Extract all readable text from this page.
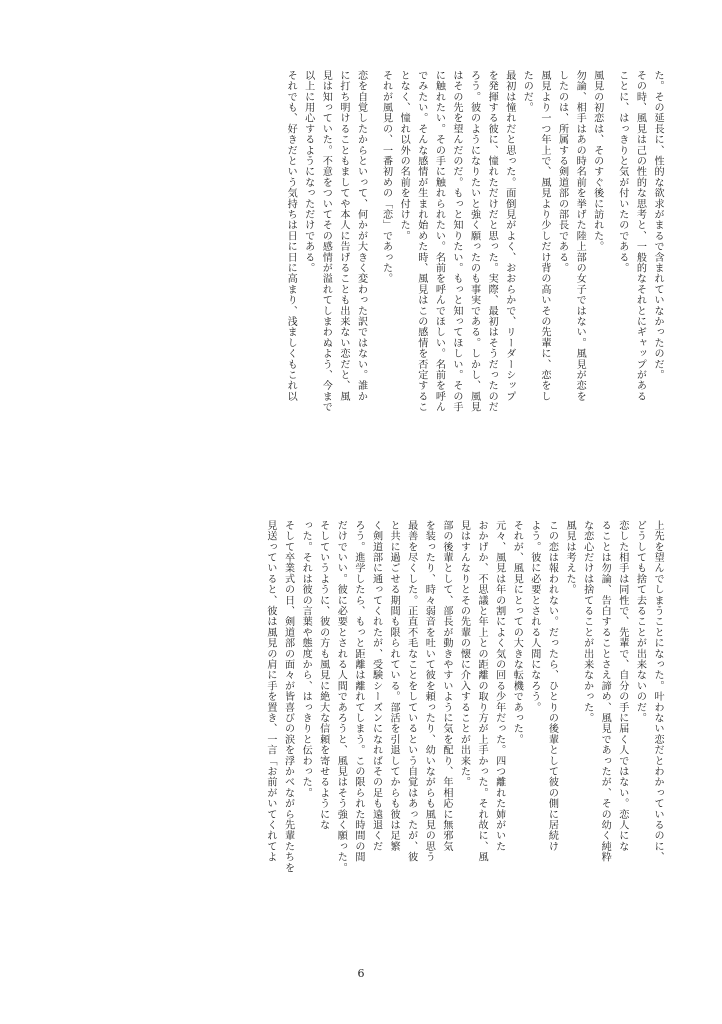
た。その延長に、性的な欲求がまるで含まれていなかったのだ。
その時、風見は己の性的な思考と、一般的なそれとにギャップがある
ことに、はっきりと気が付いたのである。
風見の初恋は、そのすぐ後に訪れた。
勿論、相手はあの時名前を挙げた陸上部の女子ではない。風見が恋を
したのは、所属する剣道部の部長である。
風見より一つ年上で、風見より少しだけ背の高いその先輩に、恋をし
たのだ。
最初は憧れだと思った。面倒見がよく、おおらかで、リーダーシップ
を発揮する彼に、憧れただけだと思った。実際、最初はそうだったのだ
ろう。彼のようになりたいと強く願ったのも事実である。しかし、風見
はその先を望んだのだ。もっと知りたい。もっと知ってほしい。その手
に触れたい。その手に触れられたい。名前を呼んでほしい。名前を呼ん
でみたい。そんな感情が生まれ始めた時、風見はこの感情を否定するこ
となく、憧れ以外の名前を付けた。
それが風見の、一番初めの「恋」であった。
恋を自覚したからといって、何かが大きく変わった訳ではない。誰か
に打ち明けることもましてや本人に告げることも出来ない恋だと、風
見は知っていた。不意をついてその感情が溢れてしまわぬよう、今まで
以上に用心するようになっただけである。
それでも、好きだという気持ちは日に日に高まり、浅ましくもこれ以
上先を望んでしまうことになった。叶わない恋だとわかっているのに、
どうしても捨て去ることが出来ないのだ。
恋した相手は同性で、先輩で、自分の手に届く人ではない。恋人にな
ることは勿論、告白することさえ諦め、風見であったが、その幼く純粋
な恋心だけは捨てることが出来なかった。
風見は考えた。
この恋は報われない。だったら、ひとりの後輩として彼の側に居続け
よう。彼に必要とされる人間になろう。
それが、風見にとっての大きな転機であった。
元々、風見は年の割によく気の回る少年だった。四つ離れた姉がいた
おかげか、不思議と年上との距離の取り方が上手かった。それ故に、風
見はすんなりとその先輩の懐に介入することが出来た。
部の後輩として、部長が動きやすいように気を配り、年相応に無邪気
を装ったり、時々弱音を吐いて彼を頼ったり、幼いながらも風見の思う
最善を尽くした。正直不毛なことをしているという自覚はあったが、彼
と共に過ごせる期間も限られている。部活を引退してからも彼は足繁
く剣道部に通ってくれたが、受験シーズンになればその足も遠退くだ
ろう。進学したら、もっと距離は離れてしまう。この限られた時間の間
だけでいい。彼に必要とされる人間であろうと、風見はそう強く願った。
そしていうように、彼の方も風見に絶大な信頼を寄せるようにな
った。それは彼の言葉や態度から、はっきりと伝わった。
そして卒業式の日、剣道部の面々が皆喜びの涙を浮かべながら先輩たちを
見送っていると、彼は風見の肩に手を置き、一言「お前がいてくれてよ
6
